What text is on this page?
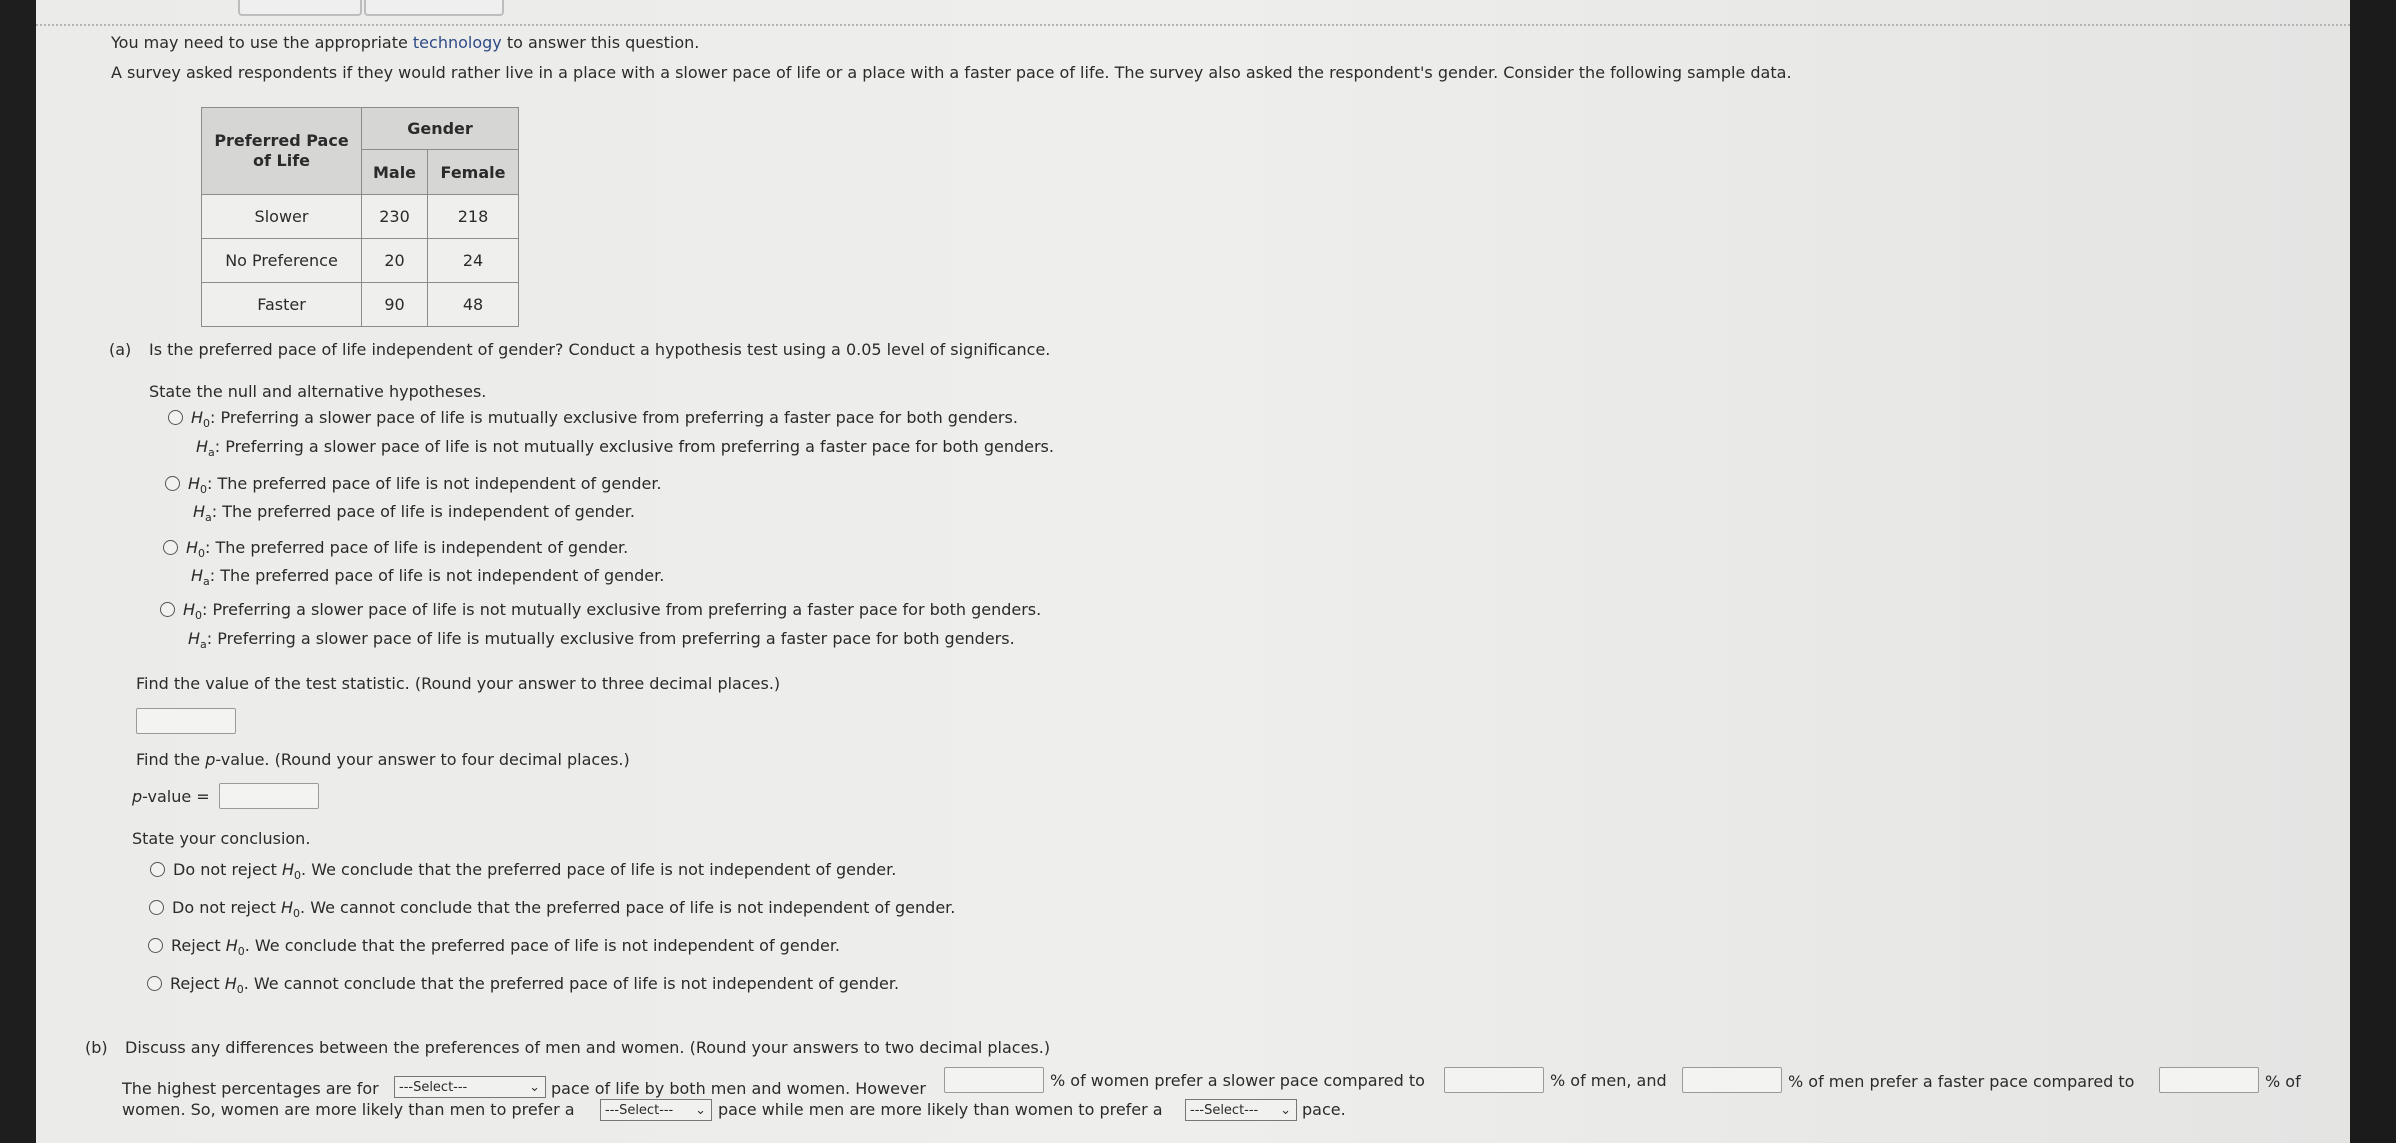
You may need to use the appropriate technology to answer this question.
A survey asked respondents if they would rather live in a place with a slower pace of life or a place with a faster pace of life. The survey also asked the respondent's gender. Consider the following sample data.
Preferred Pace of Life	Gender	
	Male	Female
Slower	230	218
No Preference	20	24
Faster	90	48
(a) Is the preferred pace of life independent of gender? Conduct a hypothesis test using a 0.05 level of significance.
State the null and alternative hypotheses.
$H_0$: Preferring a slower pace of life is mutually exclusive from preferring a faster pace for both genders.
$H_a$: Preferring a slower pace of life is not mutually exclusive from preferring a faster pace for both genders.
$H_0$: The preferred pace of life is not independent of gender.
$H_a$: The preferred pace of life is independent of gender.
$H_0$: The preferred pace of life is independent of gender.
$H_a$: The preferred pace of life is not independent of gender.
$H_0$: Preferring a slower pace of life is not mutually exclusive from preferring a faster pace for both genders.
$H_a$: Preferring a slower pace of life is mutually exclusive from preferring a faster pace for both genders.
Find the value of the test statistic. (Round your answer to three decimal places.)
Find the p-value. (Round your answer to four decimal places.)
p-value =
State your conclusion.
Do not reject $H_0$. We conclude that the preferred pace of life is not independent of gender.
Do not reject $H_0$. We cannot conclude that the preferred pace of life is not independent of gender.
Reject $H_0$. We conclude that the preferred pace of life is not independent of gender.
Reject $H_0$. We cannot conclude that the preferred pace of life is not independent of gender.
(b) Discuss any differences between the preferences of men and women. (Round your answers to two decimal places.)
The highest percentages are for	---Select---	⌄ pace of life by both men and women. However	% of women prefer a slower pace compared to	% of men, and	% of men prefer a faster pace compared to	% of
women. So, women are more likely than men to prefer a	---Select--- ⌄ pace while men are more likely than women to prefer a	---Select--- ⌄ pace.
